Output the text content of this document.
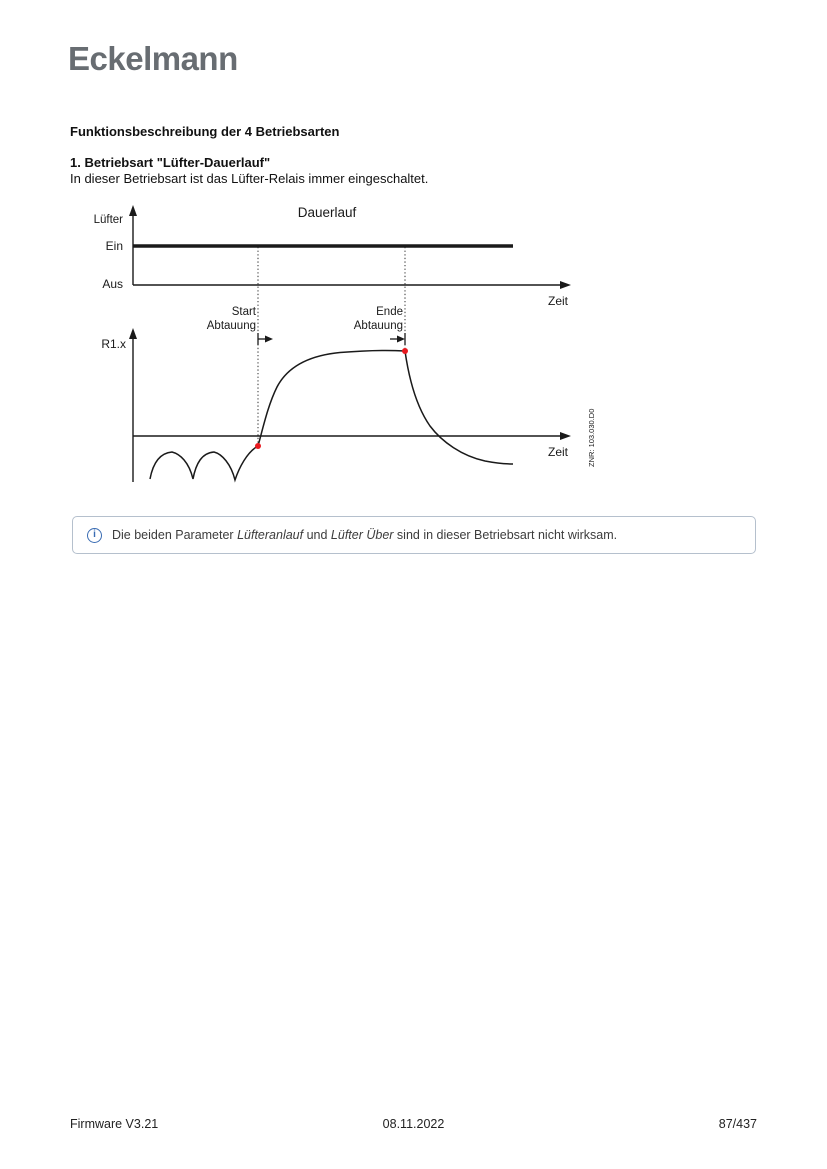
Eckelmann
Funktionsbeschreibung der 4 Betriebsarten
1. Betriebsart "Lüfter-Dauerlauf"
In dieser Betriebsart ist das Lüfter-Relais immer eingeschaltet.
Dauerlauf
Lüfter
Ein
Aus
Zeit
Start
Abtauung
Ende
Abtauung
R1.x
Zeit	ZNR: 103.030.D0
i	Die beiden Parameter Lüfteranlauf und Lüfter Über sind in dieser Betriebsart nicht wirksam.
Firmware V3.21	08.11.2022	87/437
